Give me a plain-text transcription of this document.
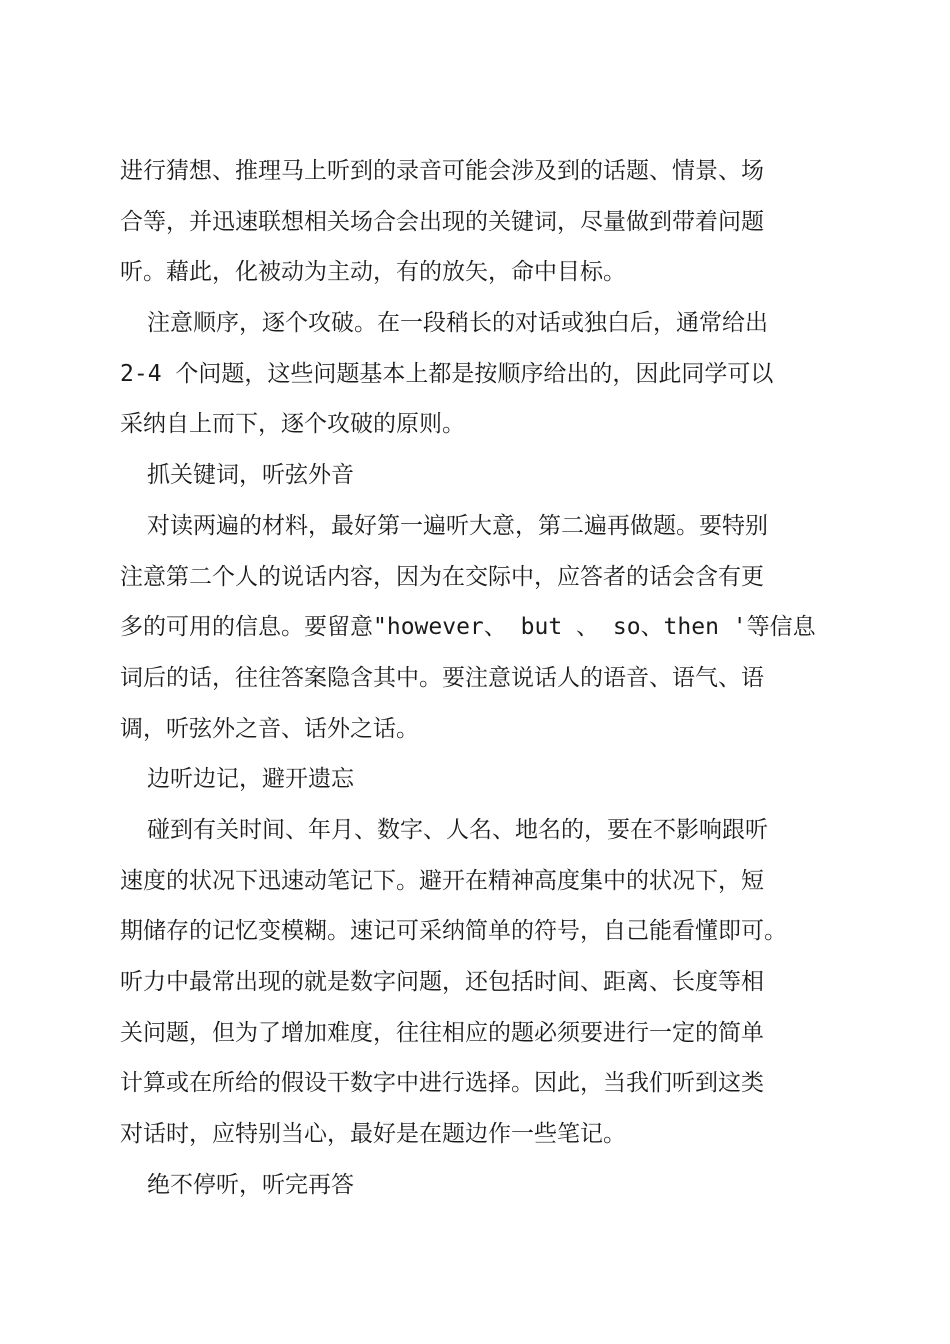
进行猜想、推理马上听到的录音可能会涉及到的话题、情景、场
合等，并迅速联想相关场合会出现的关键词，尽量做到带着问题
听。藉此，化被动为主动，有的放矢，命中目标。
注意顺序，逐个攻破。在一段稍长的对话或独白后，通常给出
2-4 个问题，这些问题基本上都是按顺序给出的，因此同学可以
采纳自上而下，逐个攻破的原则。
抓关键词，听弦外音
对读两遍的材料，最好第一遍听大意，第二遍再做题。要特别
注意第二个人的说话内容，因为在交际中，应答者的话会含有更
多的可用的信息。要留意"however、 but 、 so、then '等信息
词后的话，往往答案隐含其中。要注意说话人的语音、语气、语
调，听弦外之音、话外之话。
边听边记，避开遗忘
碰到有关时间、年月、数字、人名、地名的，要在不影响跟听
速度的状况下迅速动笔记下。避开在精神高度集中的状况下，短
期储存的记忆变模糊。速记可采纳简单的符号，自己能看懂即可。
听力中最常出现的就是数字问题，还包括时间、距离、长度等相
关问题，但为了增加难度，往往相应的题必须要进行一定的简单
计算或在所给的假设干数字中进行选择。因此，当我们听到这类
对话时，应特别当心，最好是在题边作一些笔记。
绝不停听，听完再答
